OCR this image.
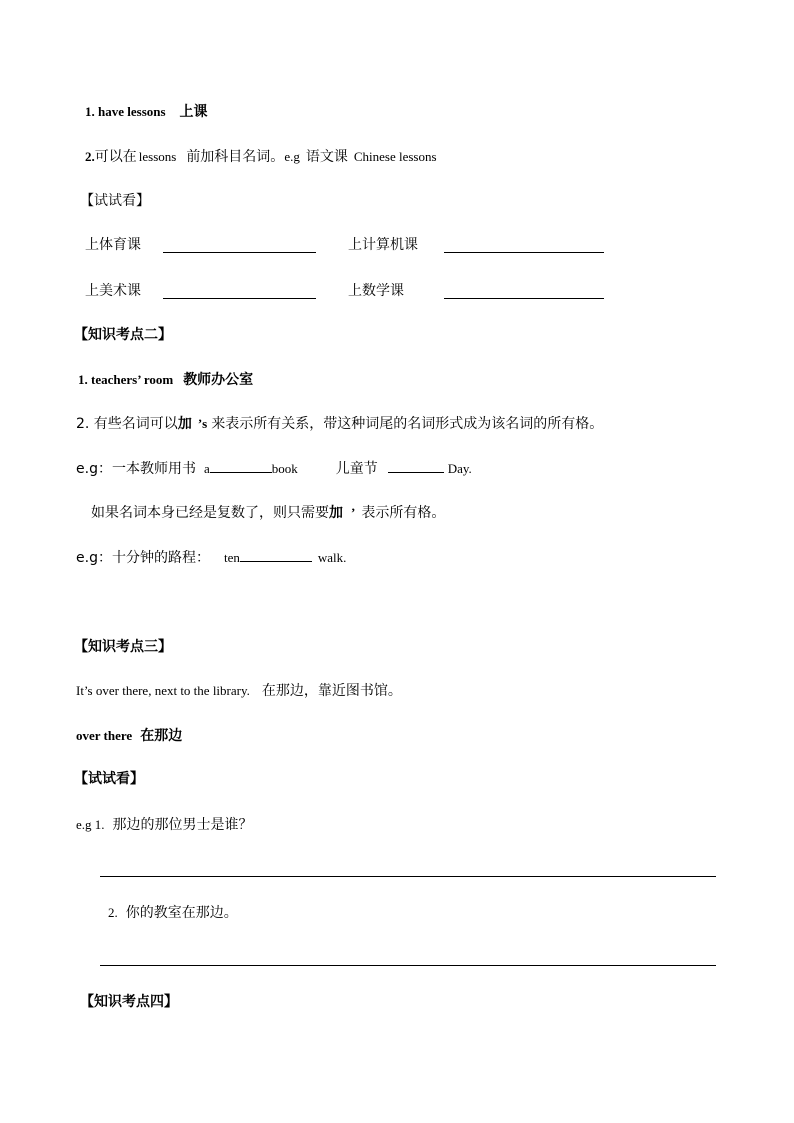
1. have lessons 上课
2.可以在 lessons 前加科目名词。e.g 语文课 Chinese lessons
【试试看】
上体育课	上计算机课
上美术课	上数学课
【知识考点二】
1. teachers’ room 教师办公室
2. 有些名词可以加 ’s 来表示所有关系，带这种词尾的名词形式成为该名词的所有格。
e.g：一本教师用书 a	book	儿童节	Day.
如果名词本身已经是复数了，则只需要加 ’ 表示所有格。
e.g：十分钟的路程： ten	walk.
【知识考点三】
It’s over there, next to the library. 在那边，靠近图书馆。
over there 在那边
【试试看】
e.g 1. 那边的那位男士是谁？
2. 你的教室在那边。
【知识考点四】
